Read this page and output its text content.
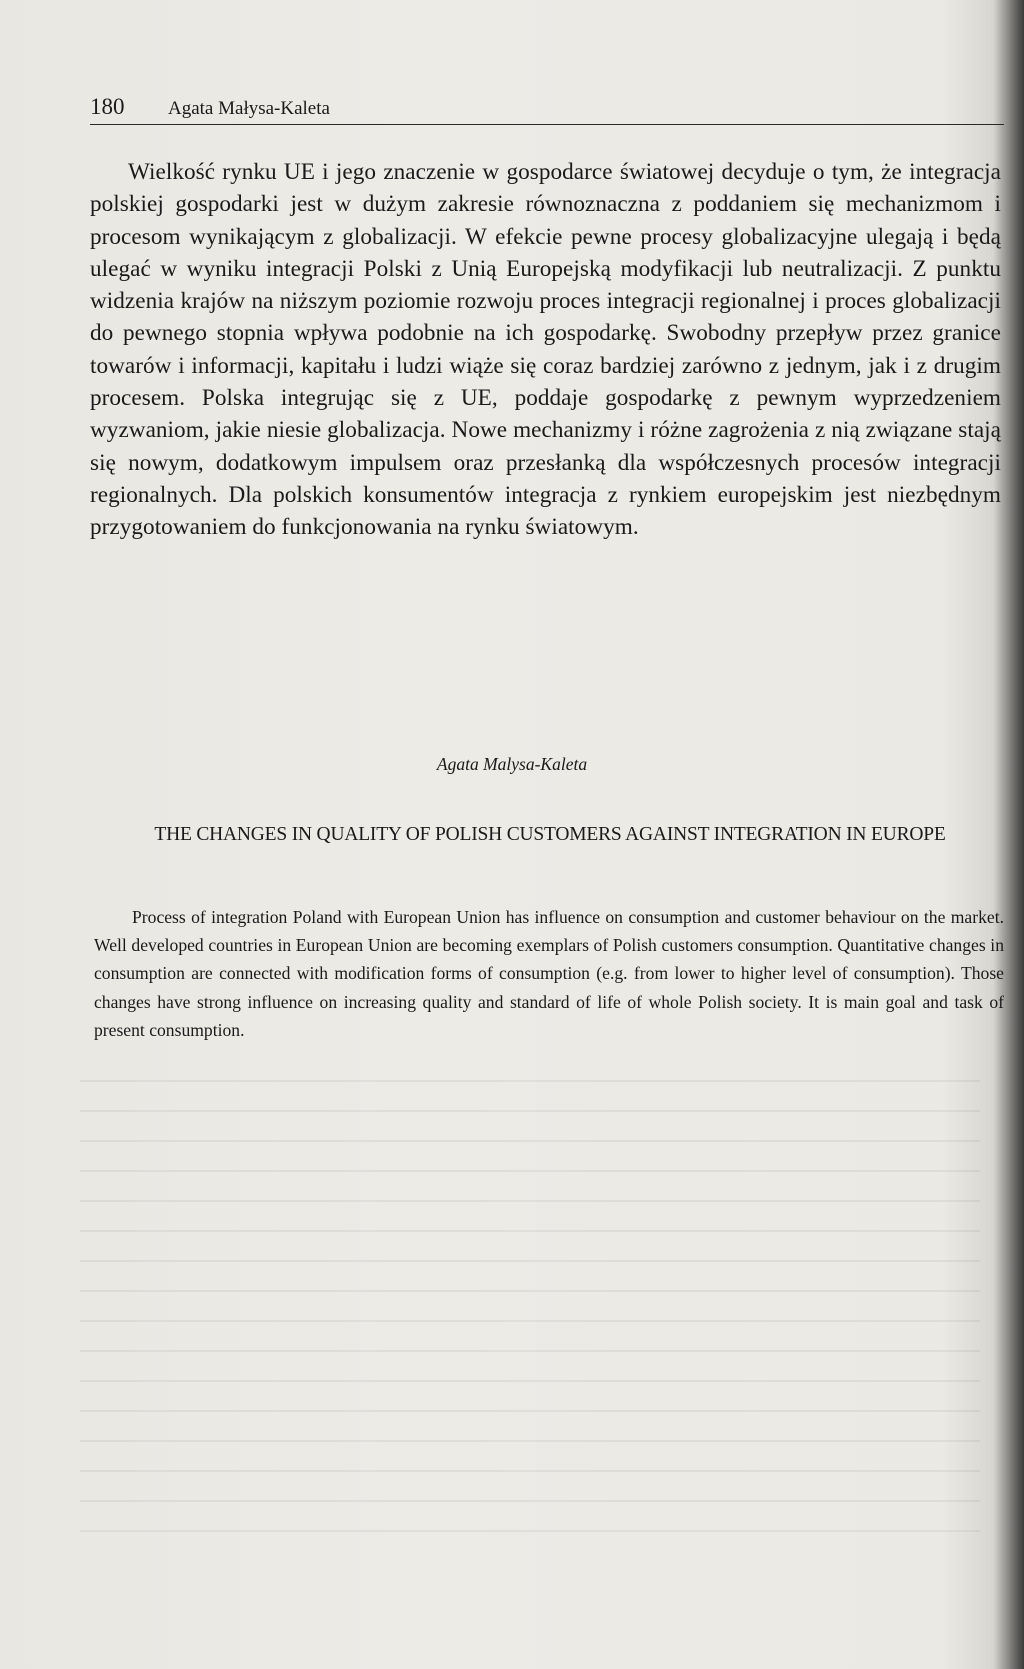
180	Agata Małysa-Kaleta

Wielkość rynku UE i jego znaczenie w gospodarce światowej decyduje o tym, że integracja polskiej gospodarki jest w dużym zakresie równoznaczna z poddaniem się mechanizmom i procesom wynikającym z globalizacji. W efekcie pewne procesy globalizacyjne ulegają i będą ulegać w wyniku integracji Polski z Unią Europejską modyfikacji lub neutralizacji. Z punktu widzenia krajów na niższym poziomie rozwoju proces integracji regionalnej i proces globalizacji do pewnego stopnia wpływa podobnie na ich gospodarkę. Swobodny przepływ przez granice towarów i informacji, kapitału i ludzi wiąże się coraz bardziej zarówno z jednym, jak i z drugim procesem. Polska integrując się z UE, poddaje gospodarkę z pewnym wyprzedzeniem wyzwaniom, jakie niesie globalizacja. Nowe mechanizmy i różne zagrożenia z nią związane stają się nowym, dodatkowym impulsem oraz przesłanką dla współczesnych procesów integracji regionalnych. Dla polskich konsumentów integracja z rynkiem europejskim jest niezbędnym przygotowaniem do funkcjonowania na rynku światowym.

Agata Malysa-Kaleta

THE CHANGES IN QUALITY OF POLISH CUSTOMERS AGAINST INTEGRATION IN EUROPE

Process of integration Poland with European Union has influence on consumption and customer behaviour on the market. Well developed countries in European Union are becoming exemplars of Polish customers consumption. Quantitative changes in consumption are connected with modification forms of consumption (e.g. from lower to higher level of consumption). Those changes have strong influence on increasing quality and standard of life of whole Polish society. It is main goal and task of present consumption.
